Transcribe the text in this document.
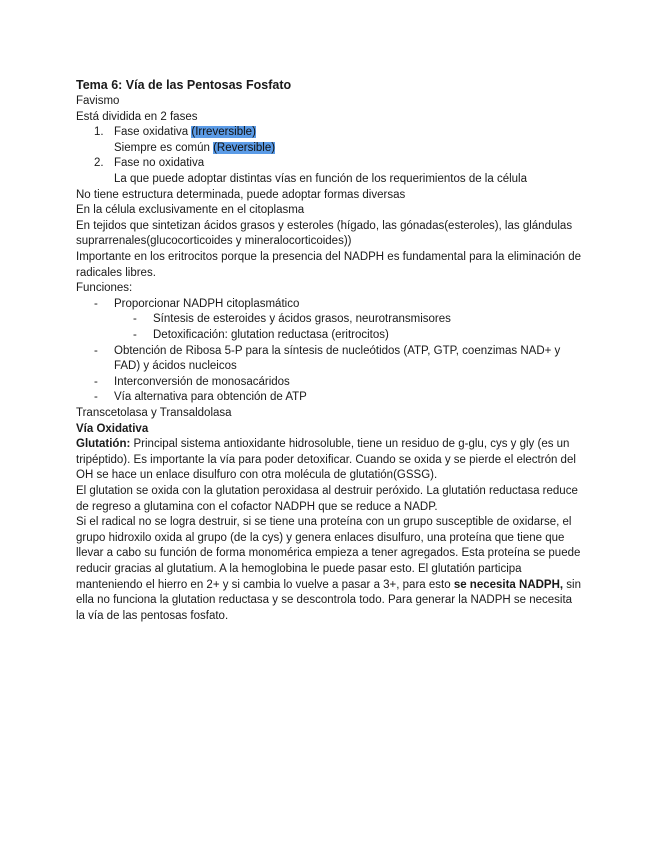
Tema 6: Vía de las Pentosas Fosfato
Favismo
Está dividida en 2 fases
1. Fase oxidativa (Irreversible)
Siempre es común (Reversible)
2. Fase no oxidativa
La que puede adoptar distintas vías en función de los requerimientos de la célula
No tiene estructura determinada, puede adoptar formas diversas
En la célula exclusivamente en el citoplasma
En tejidos que sintetizan ácidos grasos y esteroles (hígado, las gónadas(esteroles), las glándulas suprarrenales(glucocorticoides y mineralocorticoides))
Importante en los eritrocitos porque la presencia del NADPH es fundamental para la eliminación de radicales libres.
Funciones:
-	Proporcionar NADPH citoplasmático
-	Síntesis de esteroides y ácidos grasos, neurotransmisores
-	Detoxificación: glutation reductasa (eritrocitos)
-	Obtención de Ribosa 5-P para la síntesis de nucleótidos (ATP, GTP, coenzimas NAD+ y FAD) y ácidos nucleicos
-	Interconversión de monosacáridos
-	Vía alternativa para obtención de ATP
Transcetolasa y Transaldolasa
Vía Oxidativa
Glutatión: Principal sistema antioxidante hidrosoluble, tiene un residuo de g-glu, cys y gly (es un tripéptido). Es importante la vía para poder detoxificar. Cuando se oxida y se pierde el electrón del OH se hace un enlace disulfuro con otra molécula de glutatión(GSSG).
El glutation se oxida con la glutation peroxidasa al destruir peróxido. La glutatión reductasa reduce de regreso a glutamina con el cofactor NADPH que se reduce a NADP.
Si el radical no se logra destruir, si se tiene una proteína con un grupo susceptible de oxidarse, el grupo hidroxilo oxida al grupo (de la cys) y genera enlaces disulfuro, una proteína que tiene que llevar a cabo su función de forma monomérica empieza a tener agregados. Esta proteína se puede reducir gracias al glutatium. A la hemoglobina le puede pasar esto. El glutatión participa manteniendo el hierro en 2+ y si cambia lo vuelve a pasar a 3+, para esto se necesita NADPH, sin ella no funciona la glutation reductasa y se descontrola todo. Para generar la NADPH se necesita la vía de las pentosas fosfato.
